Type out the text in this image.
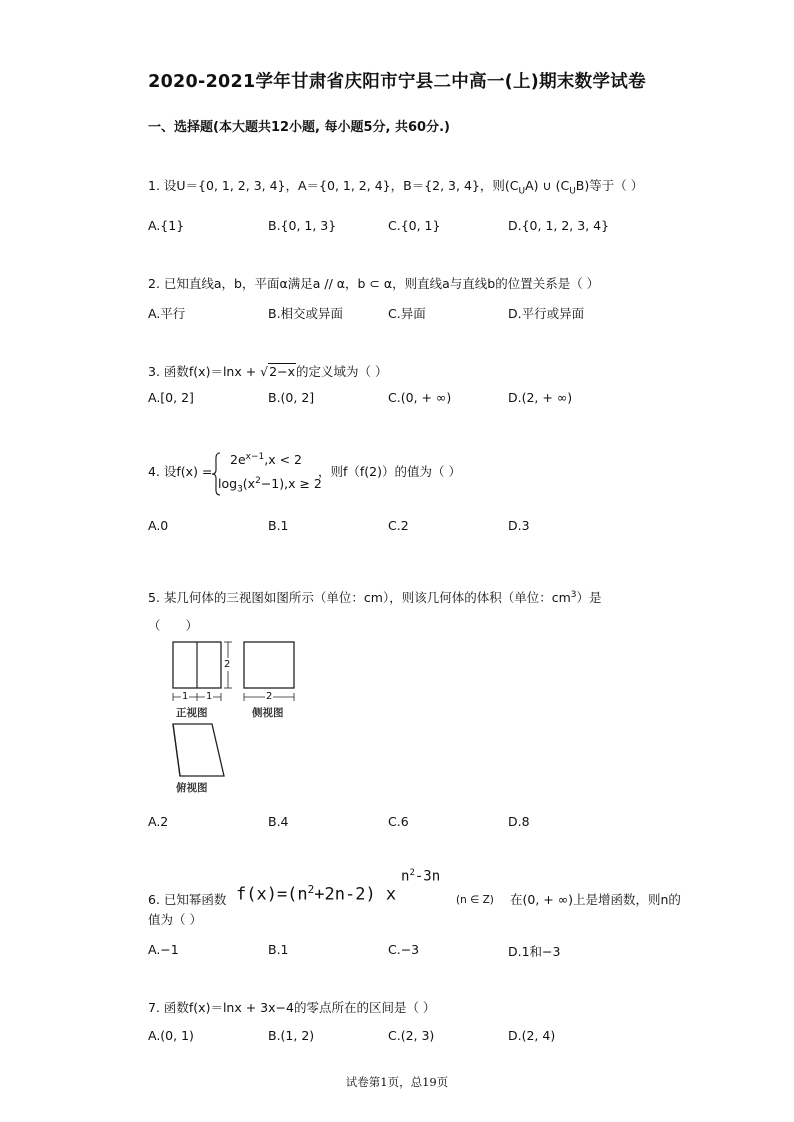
2020-2021学年甘肃省庆阳市宁县二中高一(上)期末数学试卷
一、选择题(本大题共12小题, 每小题5分, 共60分.)
1. 设U＝{0, 1, 2, 3, 4}，A＝{0, 1, 2, 4}，B＝{2, 3, 4}，则$(C_UA)$ ∪ $(C_UB)$等于（ ）
A.{1}	B.{0, 1, 3}	C.{0, 1}	D.{0, 1, 2, 3, 4}
2. 已知直线a，b，平面α满足a // α，b ⊂ α，则直线a与直线b的位置关系是（ ）
A.平行	B.相交或异面	C.异面	D.平行或异面
3. 函数f(x)＝lnx + √2−x的定义域为（ ）
A.[0, 2]	B.(0, 2]	C.(0, + ∞)	D.(2, + ∞)
4. 设f(x) =
$2e^{x-1},x < 2$
$\log_3(x^2-1),x \ge 2$
，则f（f(2)）的值为（ ）
A.0	B.1	C.2	D.3
5. 某几何体的三视图如图所示（单位：cm），则该几何体的体积（单位：$cm^3$）是
（　　）
1 1
2
2
正视图	侧视图
俯视图
A.2	B.4	C.6	D.8
6. 已知幂函数 $f(x)=(n^2+2n-2)$ x
$n^2-3n$
(n ∈ Z) 在(0, + ∞)上是增函数，则n的
值为（ ）
A.−1	B.1	C.−3	D.1和−3
7. 函数f(x)＝lnx + 3x−4的零点所在的区间是（ ）
A.(0, 1)	B.(1, 2)	C.(2, 3)	D.(2, 4)
试卷第1页，总19页
